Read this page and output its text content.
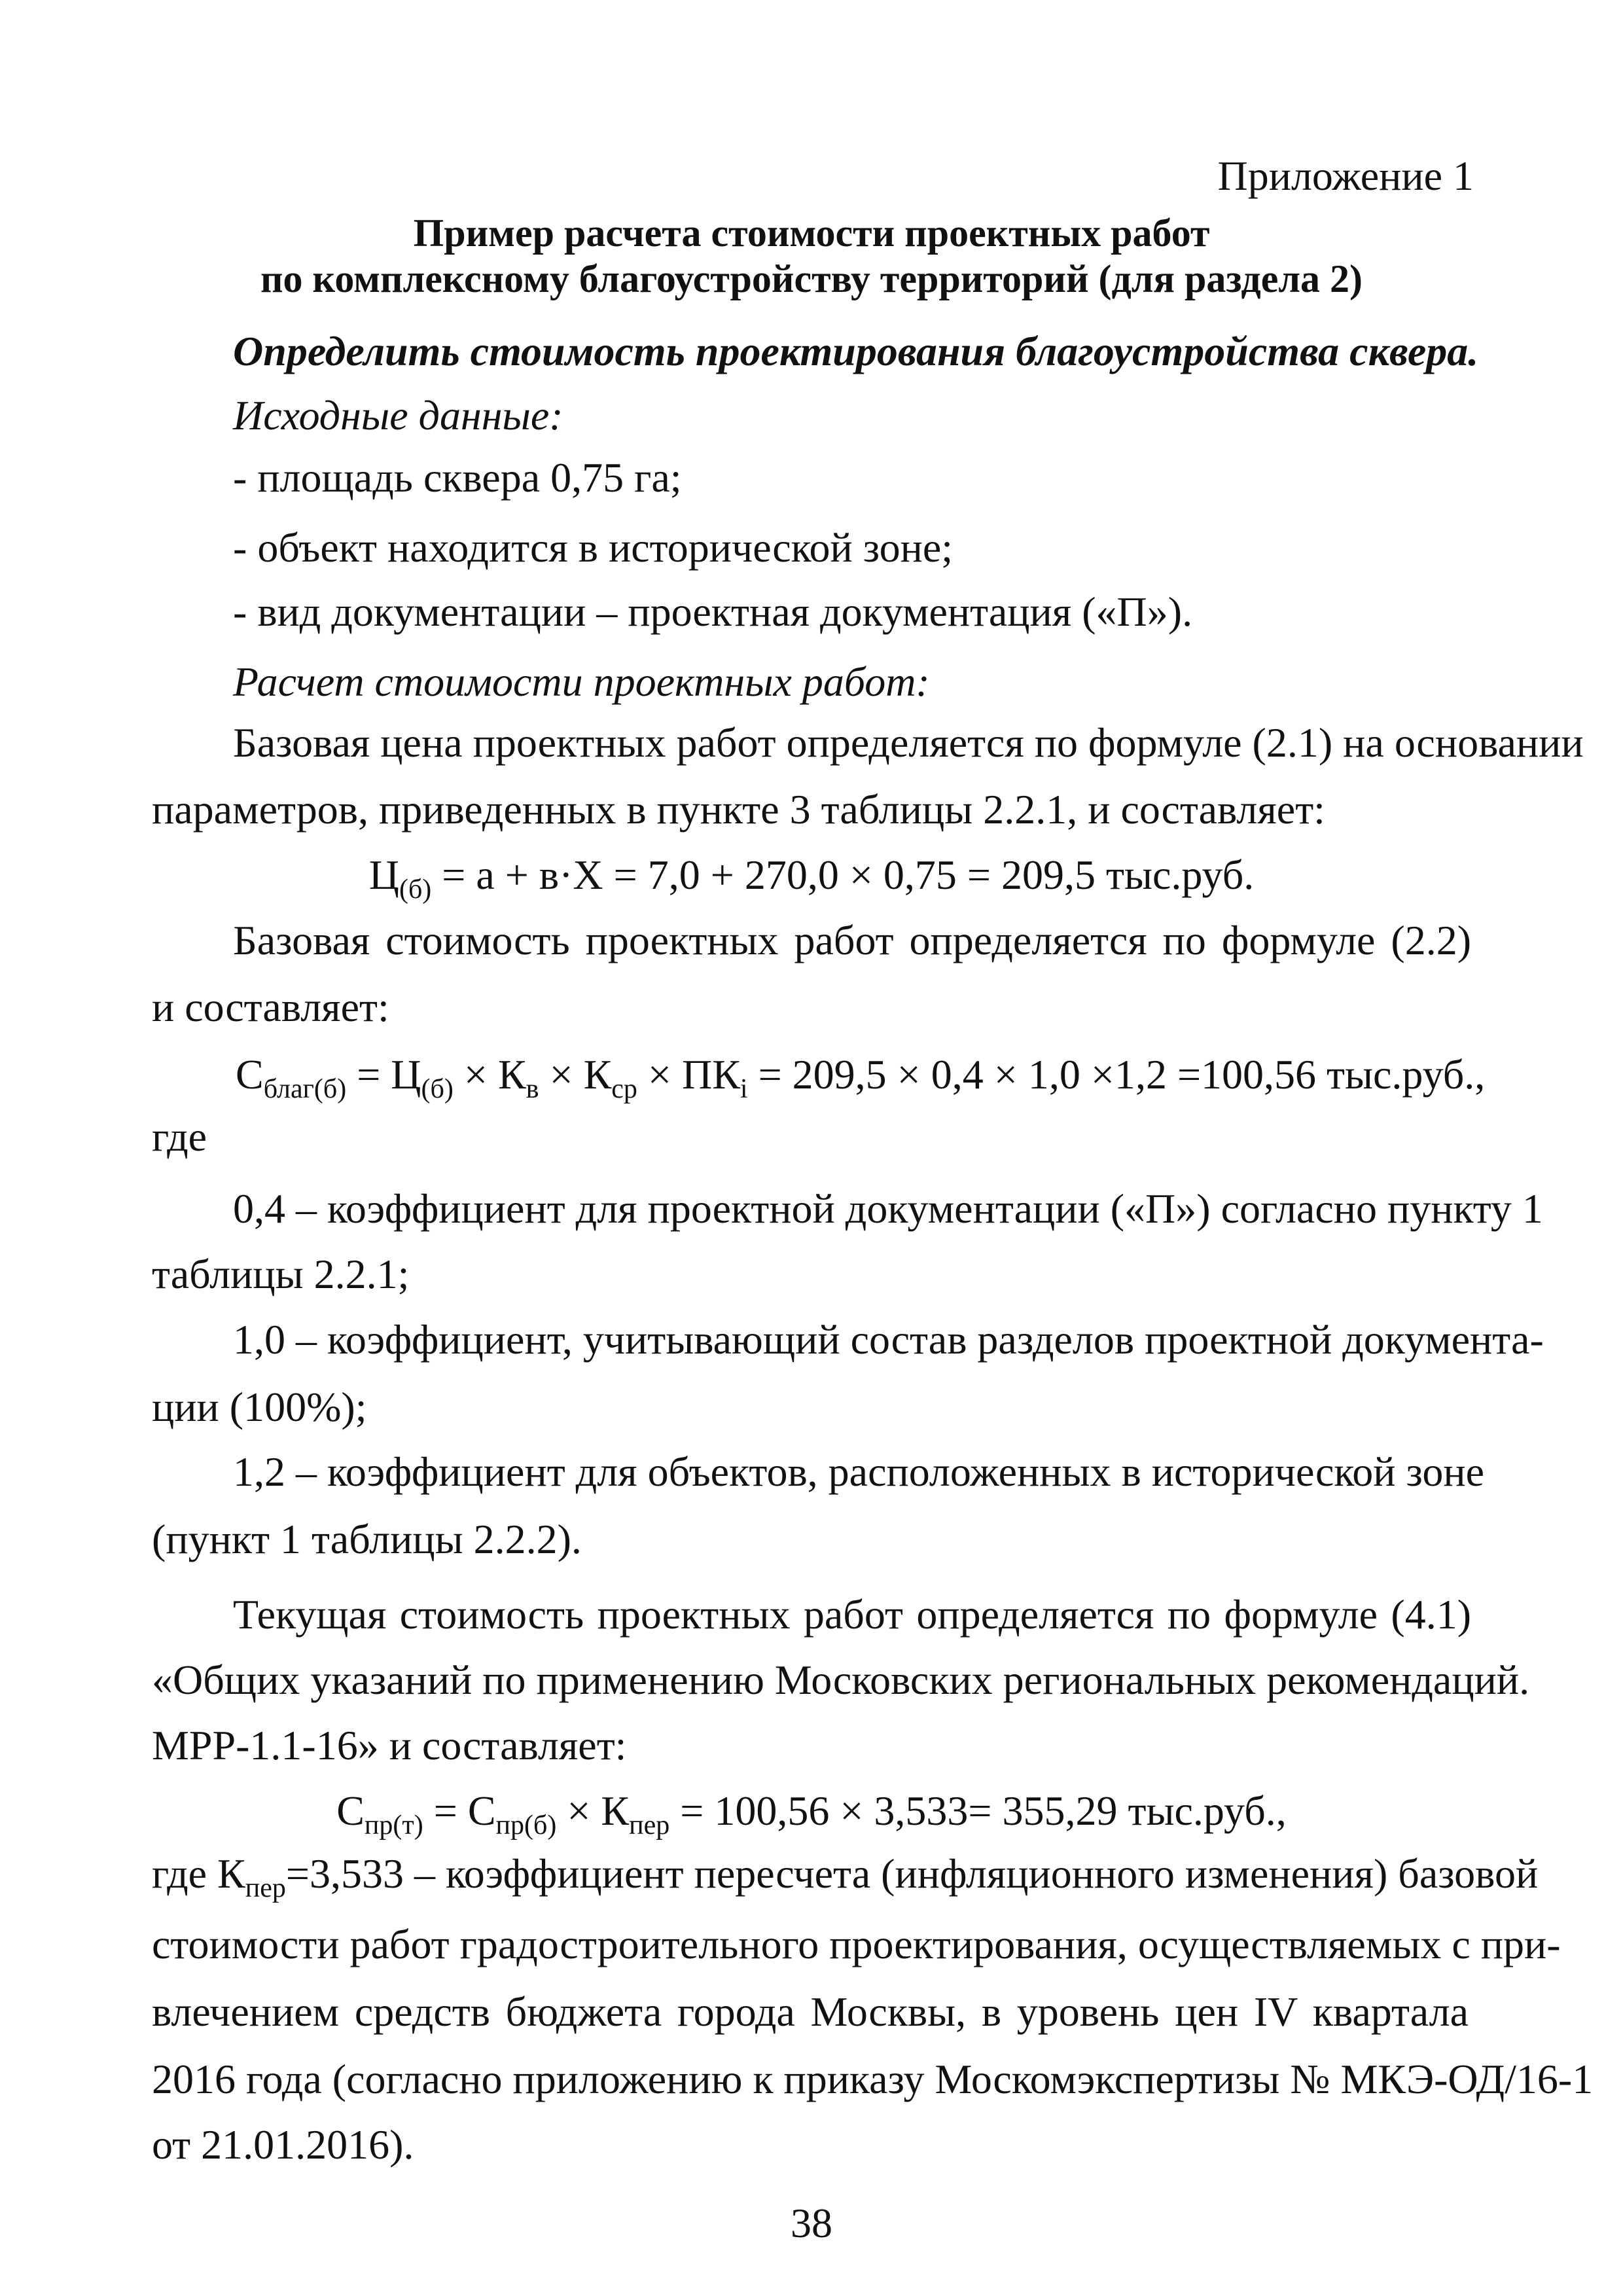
Приложение 1
Пример расчета стоимости проектных работ
по комплексному благоустройству территорий (для раздела 2)
Определить стоимость проектирования благоустройства сквера.
Исходные данные:
- площадь сквера 0,75 га;
- объект находится в исторической зоне;
- вид документации – проектная документация («П»).
Расчет стоимости проектных работ:
Базовая цена проектных работ определяется по формуле (2.1) на основании
параметров, приведенных в пункте 3 таблицы 2.2.1, и составляет:
$Ц_{(б)} = а + в\cdot Х = 7,0 + 270,0 \times 0,75 = 209,5$ тыс.руб.
Базовая стоимость проектных работ определяется по формуле (2.2)
и составляет:
$С_{благ(б)} = Ц_{(б)} \times К_в \times К_{ср} \times ПК_i = 209,5 \times 0,4 \times 1,0 \times 1,2 =100,56$ тыс.руб.,
где
0,4 – коэффициент для проектной документации («П») согласно пункту 1
таблицы 2.2.1;
1,0 – коэффициент, учитывающий состав разделов проектной документа-
ции (100%);
1,2 – коэффициент для объектов, расположенных в исторической зоне
(пункт 1 таблицы 2.2.2).
Текущая стоимость проектных работ определяется по формуле (4.1)
«Общих указаний по применению Московских региональных рекомендаций.
МРР-1.1-16» и составляет:
$С_{пр(т)} = С_{пр(б)} \times К_{пер} = 100,56 \times 3,533= 355,29$ тыс.руб.,
где $К_{пер} =3,533$ – коэффициент пересчета (инфляционного изменения) базовой
стоимости работ градостроительного проектирования, осуществляемых с при-
влечением средств бюджета города Москвы, в уровень цен IV квартала
2016 года (согласно приложению к приказу Москомэкспертизы № МКЭ-ОД/16-1
от 21.01.2016).
38
